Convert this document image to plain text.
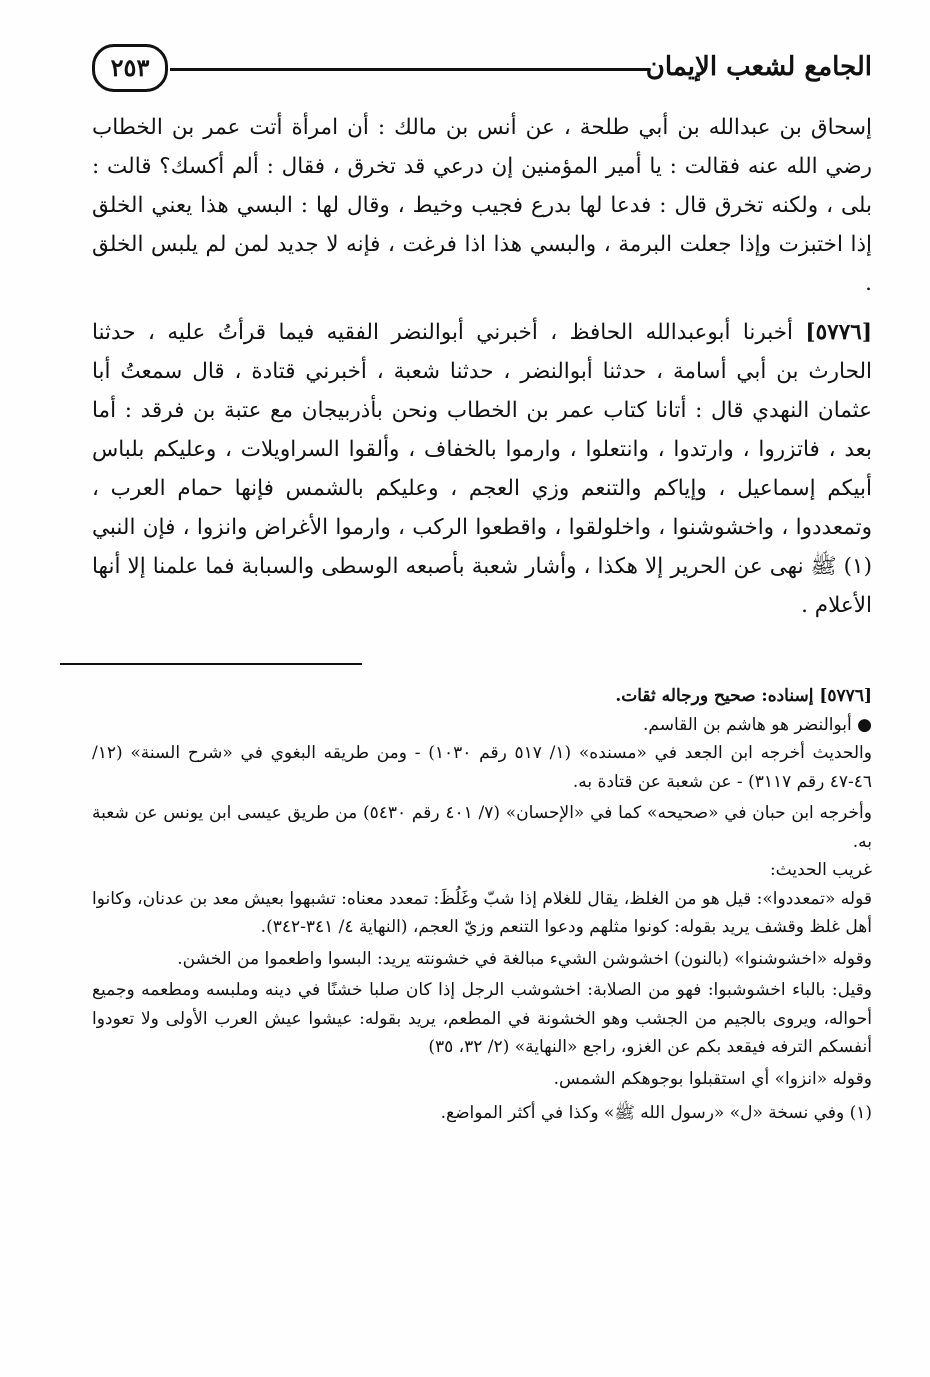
الجامع لشعب الإيمان
٢٥٣

إسحاق بن عبدالله بن أبي طلحة ، عن أنس بن مالك : أن امرأة أتت عمر بن الخطاب رضي الله عنه فقالت : يا أمير المؤمنين إن درعي قد تخرق ، فقال : ألم أكسك؟ قالت : بلى ، ولكنه تخرق قال : فدعا لها بدرع فجيب وخيط ، وقال لها : البسي هذا يعني الخلق إذا اختبزت وإذا جعلت البرمة ، والبسي هذا اذا فرغت ، فإنه لا جديد لمن لم يلبس الخلق .

[٥٧٧٦] أخبرنا أبوعبدالله الحافظ ، أخبرني أبوالنضر الفقيه فيما قرأتُ عليه ، حدثنا الحارث بن أبي أسامة ، حدثنا أبوالنضر ، حدثنا شعبة ، أخبرني قتادة ، قال سمعتُ أبا عثمان النهدي قال : أتانا كتاب عمر بن الخطاب ونحن بأذربيجان مع عتبة بن فرقد : أما بعد ، فاتزروا ، وارتدوا ، وانتعلوا ، وارموا بالخفاف ، وألقوا السراويلات ، وعليكم بلباس أبيكم إسماعيل ، وإياكم والتنعم وزي العجم ، وعليكم بالشمس فإنها حمام العرب ، وتمعددوا ، واخشوشنوا ، واخلولقوا ، واقطعوا الركب ، وارموا الأغراض وانزوا ، فإن النبي (١) ﷺ نهى عن الحرير إلا هكذا ، وأشار شعبة بأصبعه الوسطى والسبابة فما علمنا إلا أنها الأعلام .

[٥٧٧٦] إسناده: صحيح ورجاله ثقات.

● أبوالنضر هو هاشم بن القاسم.

والحديث أخرجه ابن الجعد في «مسنده» (١/ ٥١٧ رقم ١٠٣٠) - ومن طريقه البغوي في «شرح السنة» (١٢/ ٤٦-٤٧ رقم ٣١١٧) - عن شعبة عن قتادة به.

وأخرجه ابن حبان في «صحيحه» كما في «الإحسان» (٧/ ٤٠١ رقم ٥٤٣٠) من طريق عيسى ابن يونس عن شعبة به.

غريب الحديث:

قوله «تمعددوا»: قيل هو من الغلظ، يقال للغلام إذا شبّ وغَلُظَ: تمعدد معناه: تشبهوا بعيش معد بن عدنان، وكانوا أهل غلظ وقشف يريد بقوله: كونوا مثلهم ودعوا التنعم وزيّ العجم، (النهاية ٤/ ٣٤١-٣٤٢).

وقوله «اخشوشنوا» (بالنون) اخشوشن الشيء مبالغة في خشونته يريد: البسوا واطعموا من الخشن.

وقيل: بالباء اخشوشبوا: فهو من الصلابة: اخشوشب الرجل إذا كان صلبا خشنًا في دينه وملبسه ومطعمه وجميع أحواله، ويروى بالجيم من الجشب وهو الخشونة في المطعم، يريد بقوله: عيشوا عيش العرب الأولى ولا تعودوا أنفسكم الترفه فيقعد بكم عن الغزو، راجع «النهاية» (٢/ ٣٢، ٣٥)

وقوله «انزوا» أي استقبلوا بوجوهكم الشمس.

(١) وفي نسخة «ل» «رسول الله ﷺ» وكذا في أكثر المواضع.
